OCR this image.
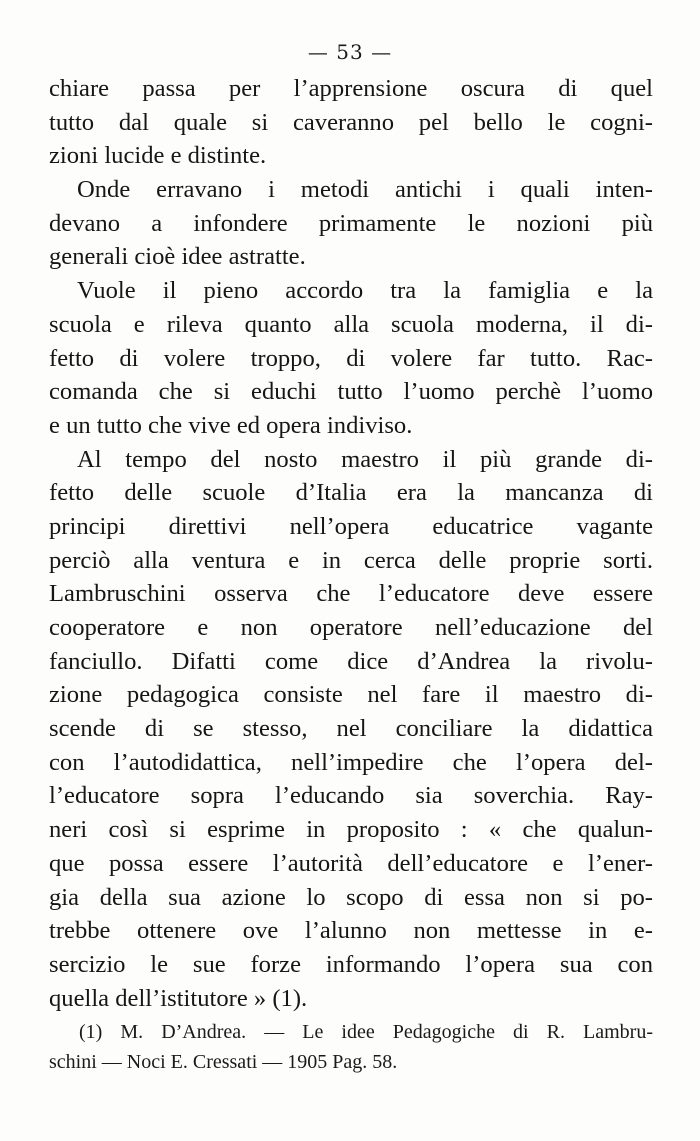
— 53 —
chiare passa per l’apprensione oscura di quel
tutto dal quale si caveranno pel bello le cogni-
zioni lucide e distinte.
Onde erravano i metodi antichi i quali inten-
devano a infondere primamente le nozioni più
generali cioè idee astratte.
Vuole il pieno accordo tra la famiglia e la
scuola e rileva quanto alla scuola moderna, il di-
fetto di volere troppo, di volere far tutto. Rac-
comanda che si educhi tutto l’uomo perchè l’uomo
e un tutto che vive ed opera indiviso.
Al tempo del nosto maestro il più grande di-
fetto delle scuole d’Italia era la mancanza di
principi direttivi nell’opera educatrice vagante
perciò alla ventura e in cerca delle proprie sorti.
Lambruschini osserva che l’educatore deve essere
cooperatore e non operatore nell’educazione del
fanciullo. Difatti come dice d’Andrea la rivolu-
zione pedagogica consiste nel fare il maestro di-
scende di se stesso, nel conciliare la didattica
con l’autodidattica, nell’impedire che l’opera del-
l’educatore sopra l’educando sia soverchia. Ray-
neri così si esprime in proposito : « che qualun-
que possa essere l’autorità dell’educatore e l’ener-
gia della sua azione lo scopo di essa non si po-
trebbe ottenere ove l’alunno non mettesse in e-
sercizio le sue forze informando l’opera sua con
quella dell’istitutore » (1).
(1) M. D’Andrea. — Le idee Pedagogiche di R. Lambru-
schini — Noci E. Cressati — 1905 Pag. 58.
